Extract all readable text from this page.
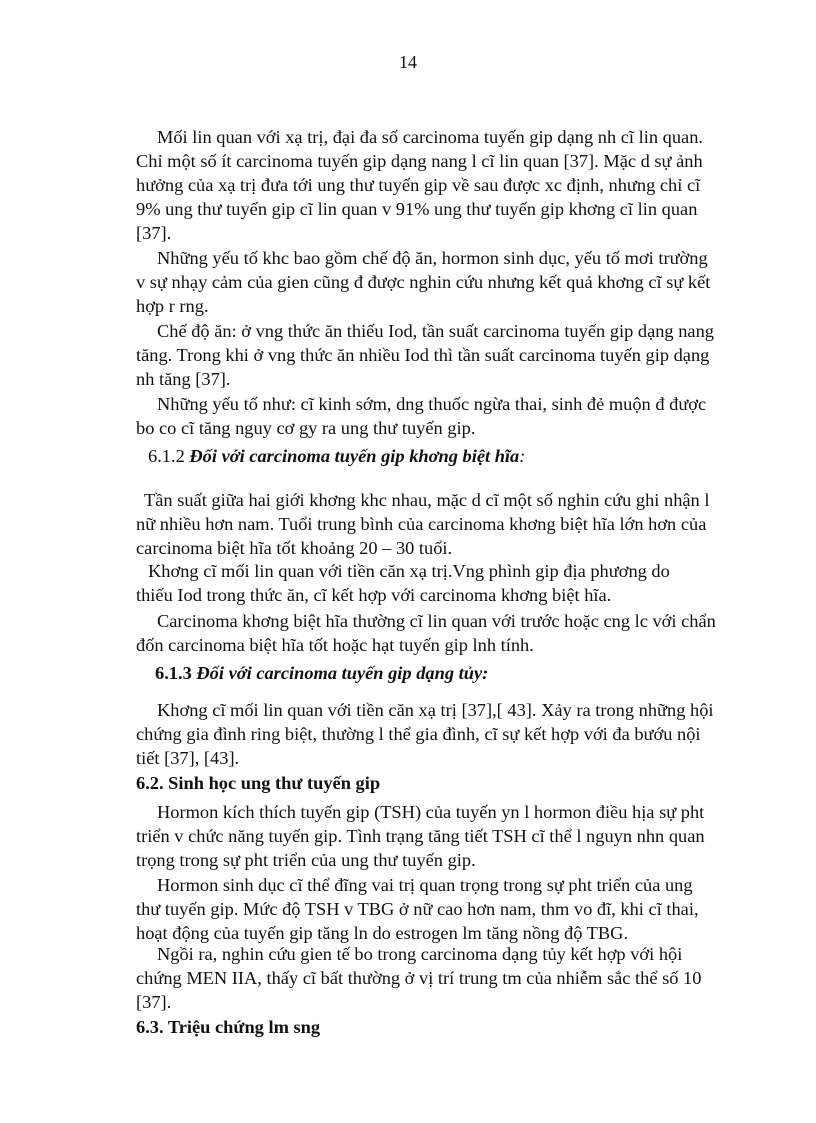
14

Mối lin quan với xạ trị, đại đa số carcinoma tuyến gip dạng nh cĩ lin quan.
Chỉ một số ít carcinoma tuyến gip dạng nang l cĩ lin quan [37]. Mặc d sự ảnh
hưởng của xạ trị đưa tới ung thư tuyến gip về sau được xc định, nhưng chỉ cĩ
9% ung thư tuyến gip cĩ lin quan v 91% ung thư tuyến gip khơng cĩ lin quan
[37].

Những yếu tố khc bao gồm chế độ ăn, hormon sinh dục, yếu tố mơi trường
v sự nhạy cảm của gien cũng đ được nghin cứu nhưng kết quả khơng cĩ sự kết
hợp r rng.

Chế độ ăn: ở vng thức ăn thiếu Iod, tần suất carcinoma tuyến gip dạng nang
tăng. Trong khi ở vng thức ăn nhiều Iod thì tần suất carcinoma tuyến gip dạng
nh tăng [37].

Những yếu tố như: cĩ kinh sớm, dng thuốc ngừa thai, sinh đẻ muộn đ được
bo co cĩ tăng nguy cơ gy ra ung thư tuyến gip.

6.1.2 Đối với carcinoma tuyến gip khơng biệt hĩa:

Tần suất giữa hai giới khơng khc nhau, mặc d cĩ một số nghin cứu ghi nhận l
nữ nhiều hơn nam. Tuổi trung bình của carcinoma khơng biệt hĩa lớn hơn của
carcinoma biệt hĩa tốt khoảng 20 – 30 tuổi.

Khơng cĩ mối lin quan với tiền căn xạ trị.Vng phình gip địa phương do
thiếu Iod trong thức ăn, cĩ kết hợp với carcinoma khơng biệt hĩa.

Carcinoma khơng biệt hĩa thường cĩ lin quan với trước hoặc cng lc với chẩn
đốn carcinoma biệt hĩa tốt hoặc hạt tuyến gip lnh tính.

6.1.3 Đối với carcinoma tuyến gip dạng tủy:

Khơng cĩ mối lin quan với tiền căn xạ trị [37],[ 43]. Xảy ra trong những hội
chứng gia đình ring biệt, thường l thể gia đình, cĩ sự kết hợp với đa bướu nội
tiết [37], [43].

6.2. Sinh học ung thư tuyến gip

Hormon kích thích tuyến gip (TSH) của tuyến yn l hormon điều hịa sự pht
triển v chức năng tuyến gip. Tình trạng tăng tiết TSH cĩ thể l nguyn nhn quan
trọng trong sự pht triển của ung thư tuyến gip.

Hormon sinh dục cĩ thể đĩng vai trị quan trọng trong sự pht triển của ung
thư tuyến gip. Mức độ TSH v TBG ở nữ cao hơn nam, thm vo đĩ, khi cĩ thai,
hoạt động của tuyến gip tăng ln do estrogen lm tăng nồng độ TBG.

Ngồi ra, nghin cứu gien tế bo trong carcinoma dạng tủy kết hợp với hội
chứng MEN IIA, thấy cĩ bất thường ở vị trí trung tm của nhiễm sắc thể số 10
[37].

6.3. Triệu chứng lm sng
